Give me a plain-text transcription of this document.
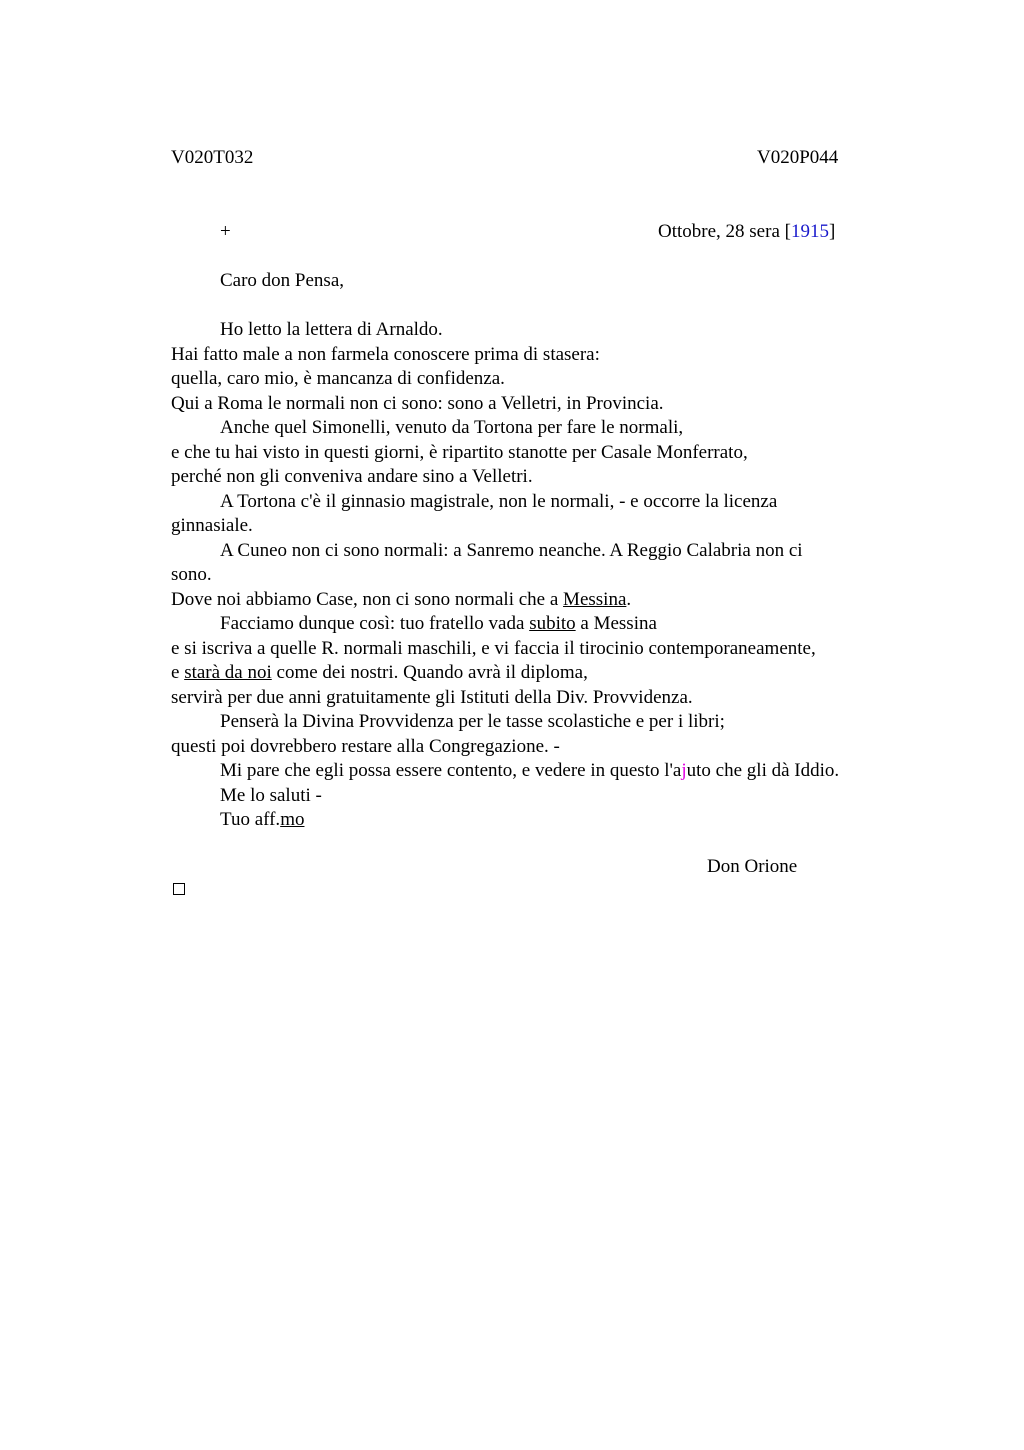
V020T032	V020P044
+	Ottobre, 28 sera [1915]
Caro don Pensa,
Ho letto la lettera di Arnaldo.
Hai fatto male a non farmela conoscere prima di stasera:
quella, caro mio, è mancanza di confidenza.
Qui a Roma le normali non ci sono: sono a Velletri, in Provincia.
Anche quel Simonelli, venuto da Tortona per fare le normali,
e che tu hai visto in questi giorni, è ripartito stanotte per Casale Monferrato,
perché non gli conveniva andare sino a Velletri.
A Tortona c'è il ginnasio magistrale, non le normali, - e occorre la licenza
ginnasiale.
A Cuneo non ci sono normali: a Sanremo neanche. A Reggio Calabria non ci
sono.
Dove noi abbiamo Case, non ci sono normali che a Messina.
Facciamo dunque così: tuo fratello vada subito a Messina
e si iscriva a quelle R. normali maschili, e vi faccia il tirocinio contemporaneamente,
e starà da noi come dei nostri. Quando avrà il diploma,
servirà per due anni gratuitamente gli Istituti della Div. Provvidenza.
Penserà la Divina Provvidenza per le tasse scolastiche e per i libri;
questi poi dovrebbero restare alla Congregazione. -
Mi pare che egli possa essere contento, e vedere in questo l'ajuto che gli dà Iddio.
Me lo saluti -
Tuo aff.mo
Don Orione
